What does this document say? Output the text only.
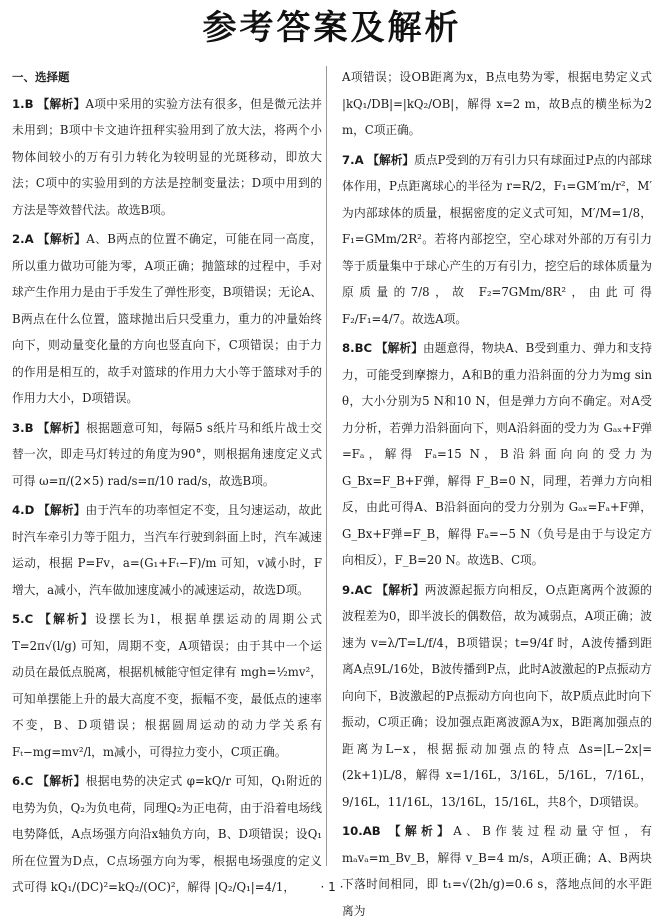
参考答案及解析

一、选择题

1.B 【解析】A项中采用的实验方法有很多，但是微元法并未用到；B项中卡文迪许扭秤实验用到了放大法，将两个小物体间较小的万有引力转化为较明显的光斑移动，即放大法；C项中的实验用到的方法是控制变量法；D项中用到的方法是等效替代法。故选B项。

2.A 【解析】A、B两点的位置不确定，可能在同一高度，所以重力做功可能为零，A项正确；抛篮球的过程中，手对球产生作用力是由于手发生了弹性形变，B项错误；无论A、B两点在什么位置，篮球抛出后只受重力，重力的冲量始终向下，则动量变化量的方向也竖直向下，C项错误；由于力的作用是相互的，故手对篮球的作用力大小等于篮球对手的作用力大小，D项错误。

3.B 【解析】根据题意可知，每隔5 s纸片马和纸片战士交替一次，即走马灯转过的角度为90°，则根据角速度定义式可得 ω=π/(2×5) rad/s=π/10 rad/s，故选B项。

4.D 【解析】由于汽车的功率恒定不变，且匀速运动，故此时汽车牵引力等于阻力，当汽车行驶到斜面上时，汽车减速运动，根据 P=Fv，a=(G₁+Fₜ−F)/m 可知，v减小时，F增大，a减小，汽车做加速度减小的减速运动，故选D项。

5.C 【解析】设摆长为l，根据单摆运动的周期公式 T=2π√(l/g) 可知，周期不变，A项错误；由于其中一个运动员在最低点脱离，根据机械能守恒定律有 mgh=½mv²，可知单摆能上升的最大高度不变，振幅不变，最低点的速率不变，B、D项错误；根据圆周运动的动力学关系有 Fₜ−mg=mv²/l，m减小，可得拉力变小，C项正确。

6.C 【解析】根据电势的决定式 φ=kQ/r 可知，Q₁附近的电势为负，Q₂为负电荷，同理Q₂为正电荷，由于沿着电场线电势降低，A点场强方向沿x轴负方向，B、D项错误；设Q₁所在位置为D点，C点场强方向为零，根据电场强度的定义式可得 kQ₁/(DC)²=kQ₂/(OC)²，解得 |Q₂/Q₁|=4/1，

A项错误；设OB距离为x，B点电势为零，根据电势定义式 |kQ₁/DB|=|kQ₂/OB|，解得 x=2 m，故B点的横坐标为2 m，C项正确。

7.A 【解析】质点P受到的万有引力只有球面过P点的内部球体作用，P点距离球心的半径为 r=R/2，F₁=GM′m/r²，M′为内部球体的质量，根据密度的定义式可知，M′/M=1/8，F₁=GMm/2R²。若将内部挖空，空心球对外部的万有引力等于质量集中于球心产生的万有引力，挖空后的球体质量为原质量的7/8，故 F₂=7GMm/8R²，由此可得 F₂/F₁=4/7。故选A项。

8.BC 【解析】由题意得，物块A、B受到重力、弹力和支持力，可能受到摩擦力，A和B的重力沿斜面的分力为mg sin θ，大小分别为5 N和10 N，但是弹力方向不确定。对A受力分析，若弹力沿斜面向下，则A沿斜面的受力为 Gₐₓ+F弹=Fₐ，解得 Fₐ=15 N，B沿斜面向向的受力为 G_Bx=F_B+F弹，解得 F_B=0 N，同理，若弹力方向相反，由此可得A、B沿斜面向的受力分别为 Gₐₓ=Fₐ+F弹，G_Bx+F弹=F_B，解得 Fₐ=−5 N（负号是由于与设定方向相反），F_B=20 N。故选B、C项。

9.AC 【解析】两波源起振方向相反，O点距离两个波源的波程差为0，即半波长的偶数倍，故为减弱点，A项正确；波速为 v=λ/T=L/f/4，B项错误；t=9/4f 时，A波传播到距离A点9L/16处，B波传播到P点，此时A波激起的P点振动方向向下，B波激起的P点振动方向也向下，故P质点此时向下振动，C项正确；设加强点距离波源A为x，B距离加强点的距离为L−x，根据振动加强点的特点 Δs=|L−2x|=(2k+1)L/8，解得 x=1/16L，3/16L，5/16L，7/16L，9/16L，11/16L，13/16L，15/16L，共8个，D项错误。

10.AB 【解析】A、B作装过程动量守恒，有 mₐvₐ=m_Bv_B，解得 v_B=4 m/s，A项正确；A、B两块下落时间相同，即 t₁=√(2h/g)=0.6 s，落地点间的水平距离为

· 1 ·
